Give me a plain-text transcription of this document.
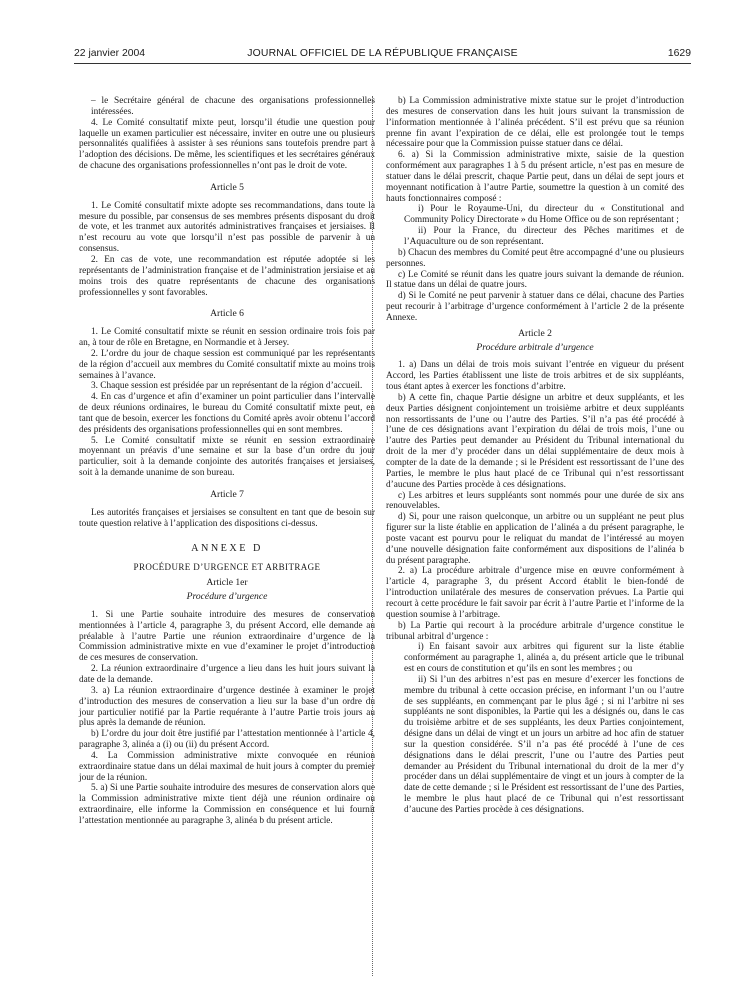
22 janvier 2004	JOURNAL OFFICIEL DE LA RÉPUBLIQUE FRANÇAISE	1629

– le Secrétaire général de chacune des organisations professionnelles intéressées.

4. Le Comité consultatif mixte peut, lorsqu’il étudie une question pour laquelle un examen particulier est nécessaire, inviter en outre une ou plusieurs personnalités qualifiées à assister à ses réunions sans toutefois prendre part à l’adoption des décisions. De même, les scientifiques et les secrétaires généraux de chacune des organisations professionnelles n’ont pas le droit de vote.

Article 5

1. Le Comité consultatif mixte adopte ses recommandations, dans toute la mesure du possible, par consensus de ses membres présents disposant du droit de vote, et les tranmet aux autorités administratives françaises et jersiaises. Il n’est recouru au vote que lorsqu’il n’est pas possible de parvenir à un consensus.

2. En cas de vote, une recommandation est réputée adoptée si les représentants de l’administration française et de l’administration jersiaise et au moins trois des quatre représentants de chacune des organisations professionnelles y sont favorables.

Article 6

1. Le Comité consultatif mixte se réunit en session ordinaire trois fois par an, à tour de rôle en Bretagne, en Normandie et à Jersey.

2. L’ordre du jour de chaque session est communiqué par les représentants de la région d’accueil aux membres du Comité consultatif mixte au moins trois semaines à l’avance.

3. Chaque session est présidée par un représentant de la région d’accueil.

4. En cas d’urgence et afin d’examiner un point particulier dans l’intervalle de deux réunions ordinaires, le bureau du Comité consultatif mixte peut, en tant que de besoin, exercer les fonctions du Comité après avoir obtenu l’accord des présidents des organisations professionnelles qui en sont membres.

5. Le Comité consultatif mixte se réunit en session extraordinaire moyennant un préavis d’une semaine et sur la base d’un ordre du jour particulier, soit à la demande conjointe des autorités françaises et jersiaises, soit à la demande unanime de son bureau.

Article 7

Les autorités françaises et jersiaises se consultent en tant que de besoin sur toute question relative à l’application des dispositions ci-dessus.

ANNEXE D
PROCÉDURE D’URGENCE ET ARBITRAGE
Article 1er
Procédure d’urgence

1. Si une Partie souhaite introduire des mesures de conservation mentionnées à l’article 4, paragraphe 3, du présent Accord, elle demande au préalable à l’autre Partie une réunion extraordinaire d’urgence de la Commission administrative mixte en vue d’examiner le projet d’introduction de ces mesures de conservation.

2. La réunion extraordinaire d’urgence a lieu dans les huit jours suivant la date de la demande.

3. a) La réunion extraordinaire d’urgence destinée à examiner le projet d’introduction des mesures de conservation a lieu sur la base d’un ordre du jour particulier notifié par la Partie requérante à l’autre Partie trois jours au plus après la demande de réunion.

b) L’ordre du jour doit être justifié par l’attestation mentionnée à l’article 4, paragraphe 3, alinéa a (i) ou (ii) du présent Accord.

4. La Commission administrative mixte convoquée en réunion extraordinaire statue dans un délai maximal de huit jours à compter du premier jour de la réunion.

5. a) Si une Partie souhaite introduire des mesures de conservation alors que la Commission administrative mixte tient déjà une réunion ordinaire ou extraordinaire, elle informe la Commission en conséquence et lui fournit l’attestation mentionnée au paragraphe 3, alinéa b du présent article.

b) La Commission administrative mixte statue sur le projet d’introduction des mesures de conservation dans les huit jours suivant la transmission de l’information mentionnée à l’alinéa précédent. S’il est prévu que sa réunion prenne fin avant l’expiration de ce délai, elle est prolongée tout le temps nécessaire pour que la Commission puisse statuer dans ce délai.

6. a) Si la Commission administrative mixte, saisie de la question conformément aux paragraphes 1 à 5 du présent article, n’est pas en mesure de statuer dans le délai prescrit, chaque Partie peut, dans un délai de sept jours et moyennant notification à l’autre Partie, soumettre la question à un comité des hauts fonctionnaires composé :

i) Pour le Royaume-Uni, du directeur du « Constitutional and Community Policy Directorate » du Home Office ou de son représentant ;

ii) Pour la France, du directeur des Pêches maritimes et de l’Aquaculture ou de son représentant.

b) Chacun des membres du Comité peut être accompagné d’une ou plusieurs personnes.

c) Le Comité se réunit dans les quatre jours suivant la demande de réunion. Il statue dans un délai de quatre jours.

d) Si le Comité ne peut parvenir à statuer dans ce délai, chacune des Parties peut recourir à l’arbitrage d’urgence conformément à l’article 2 de la présente Annexe.

Article 2
Procédure arbitrale d’urgence

1. a) Dans un délai de trois mois suivant l’entrée en vigueur du présent Accord, les Parties établissent une liste de trois arbitres et de six suppléants, tous étant aptes à exercer les fonctions d’arbitre.

b) A cette fin, chaque Partie désigne un arbitre et deux suppléants, et les deux Parties désignent conjointement un troisième arbitre et deux suppléants non ressortissants de l’une ou l’autre des Parties. S’il n’a pas été procédé à l’une de ces désignations avant l’expiration du délai de trois mois, l’une ou l’autre des Parties peut demander au Président du Tribunal international du droit de la mer d’y procéder dans un délai supplémentaire de deux mois à compter de la date de la demande ; si le Président est ressortissant de l’une des Parties, le membre le plus haut placé de ce Tribunal qui n’est ressortissant d’aucune des Parties procède à ces désignations.

c) Les arbitres et leurs suppléants sont nommés pour une durée de six ans renouvelables.

d) Si, pour une raison quelconque, un arbitre ou un suppléant ne peut plus figurer sur la liste établie en application de l’alinéa a du présent paragraphe, le poste vacant est pourvu pour le reliquat du mandat de l’intéressé au moyen d’une nouvelle désignation faite conformément aux dispositions de l’alinéa b du présent paragraphe.

2. a) La procédure arbitrale d’urgence mise en œuvre conformément à l’article 4, paragraphe 3, du présent Accord établit le bien-fondé de l’introduction unilatérale des mesures de conservation prévues. La Partie qui recourt à cette procédure le fait savoir par écrit à l’autre Partie et l’informe de la question soumise à l’arbitrage.

b) La Partie qui recourt à la procédure arbitrale d’urgence constitue le tribunal arbitral d’urgence :

i) En faisant savoir aux arbitres qui figurent sur la liste établie conformément au paragraphe 1, alinéa a, du présent article que le tribunal est en cours de constitution et qu’ils en sont les membres ; ou

ii) Si l’un des arbitres n’est pas en mesure d’exercer les fonctions de membre du tribunal à cette occasion précise, en informant l’un ou l’autre de ses suppléants, en commençant par le plus âgé ; si ni l’arbitre ni ses suppléants ne sont disponibles, la Partie qui les a désignés ou, dans le cas du troisième arbitre et de ses suppléants, les deux Parties conjointement, désigne dans un délai de vingt et un jours un arbitre ad hoc afin de statuer sur la question considérée. S’il n’a pas été procédé à l’une de ces désignations dans le délai prescrit, l’une ou l’autre des Parties peut demander au Président du Tribunal international du droit de la mer d’y procéder dans un délai supplémentaire de vingt et un jours à compter de la date de cette demande ; si le Président est ressortissant de l’une des Parties, le membre le plus haut placé de ce Tribunal qui n’est ressortissant d’aucune des Parties procède à ces désignations.
